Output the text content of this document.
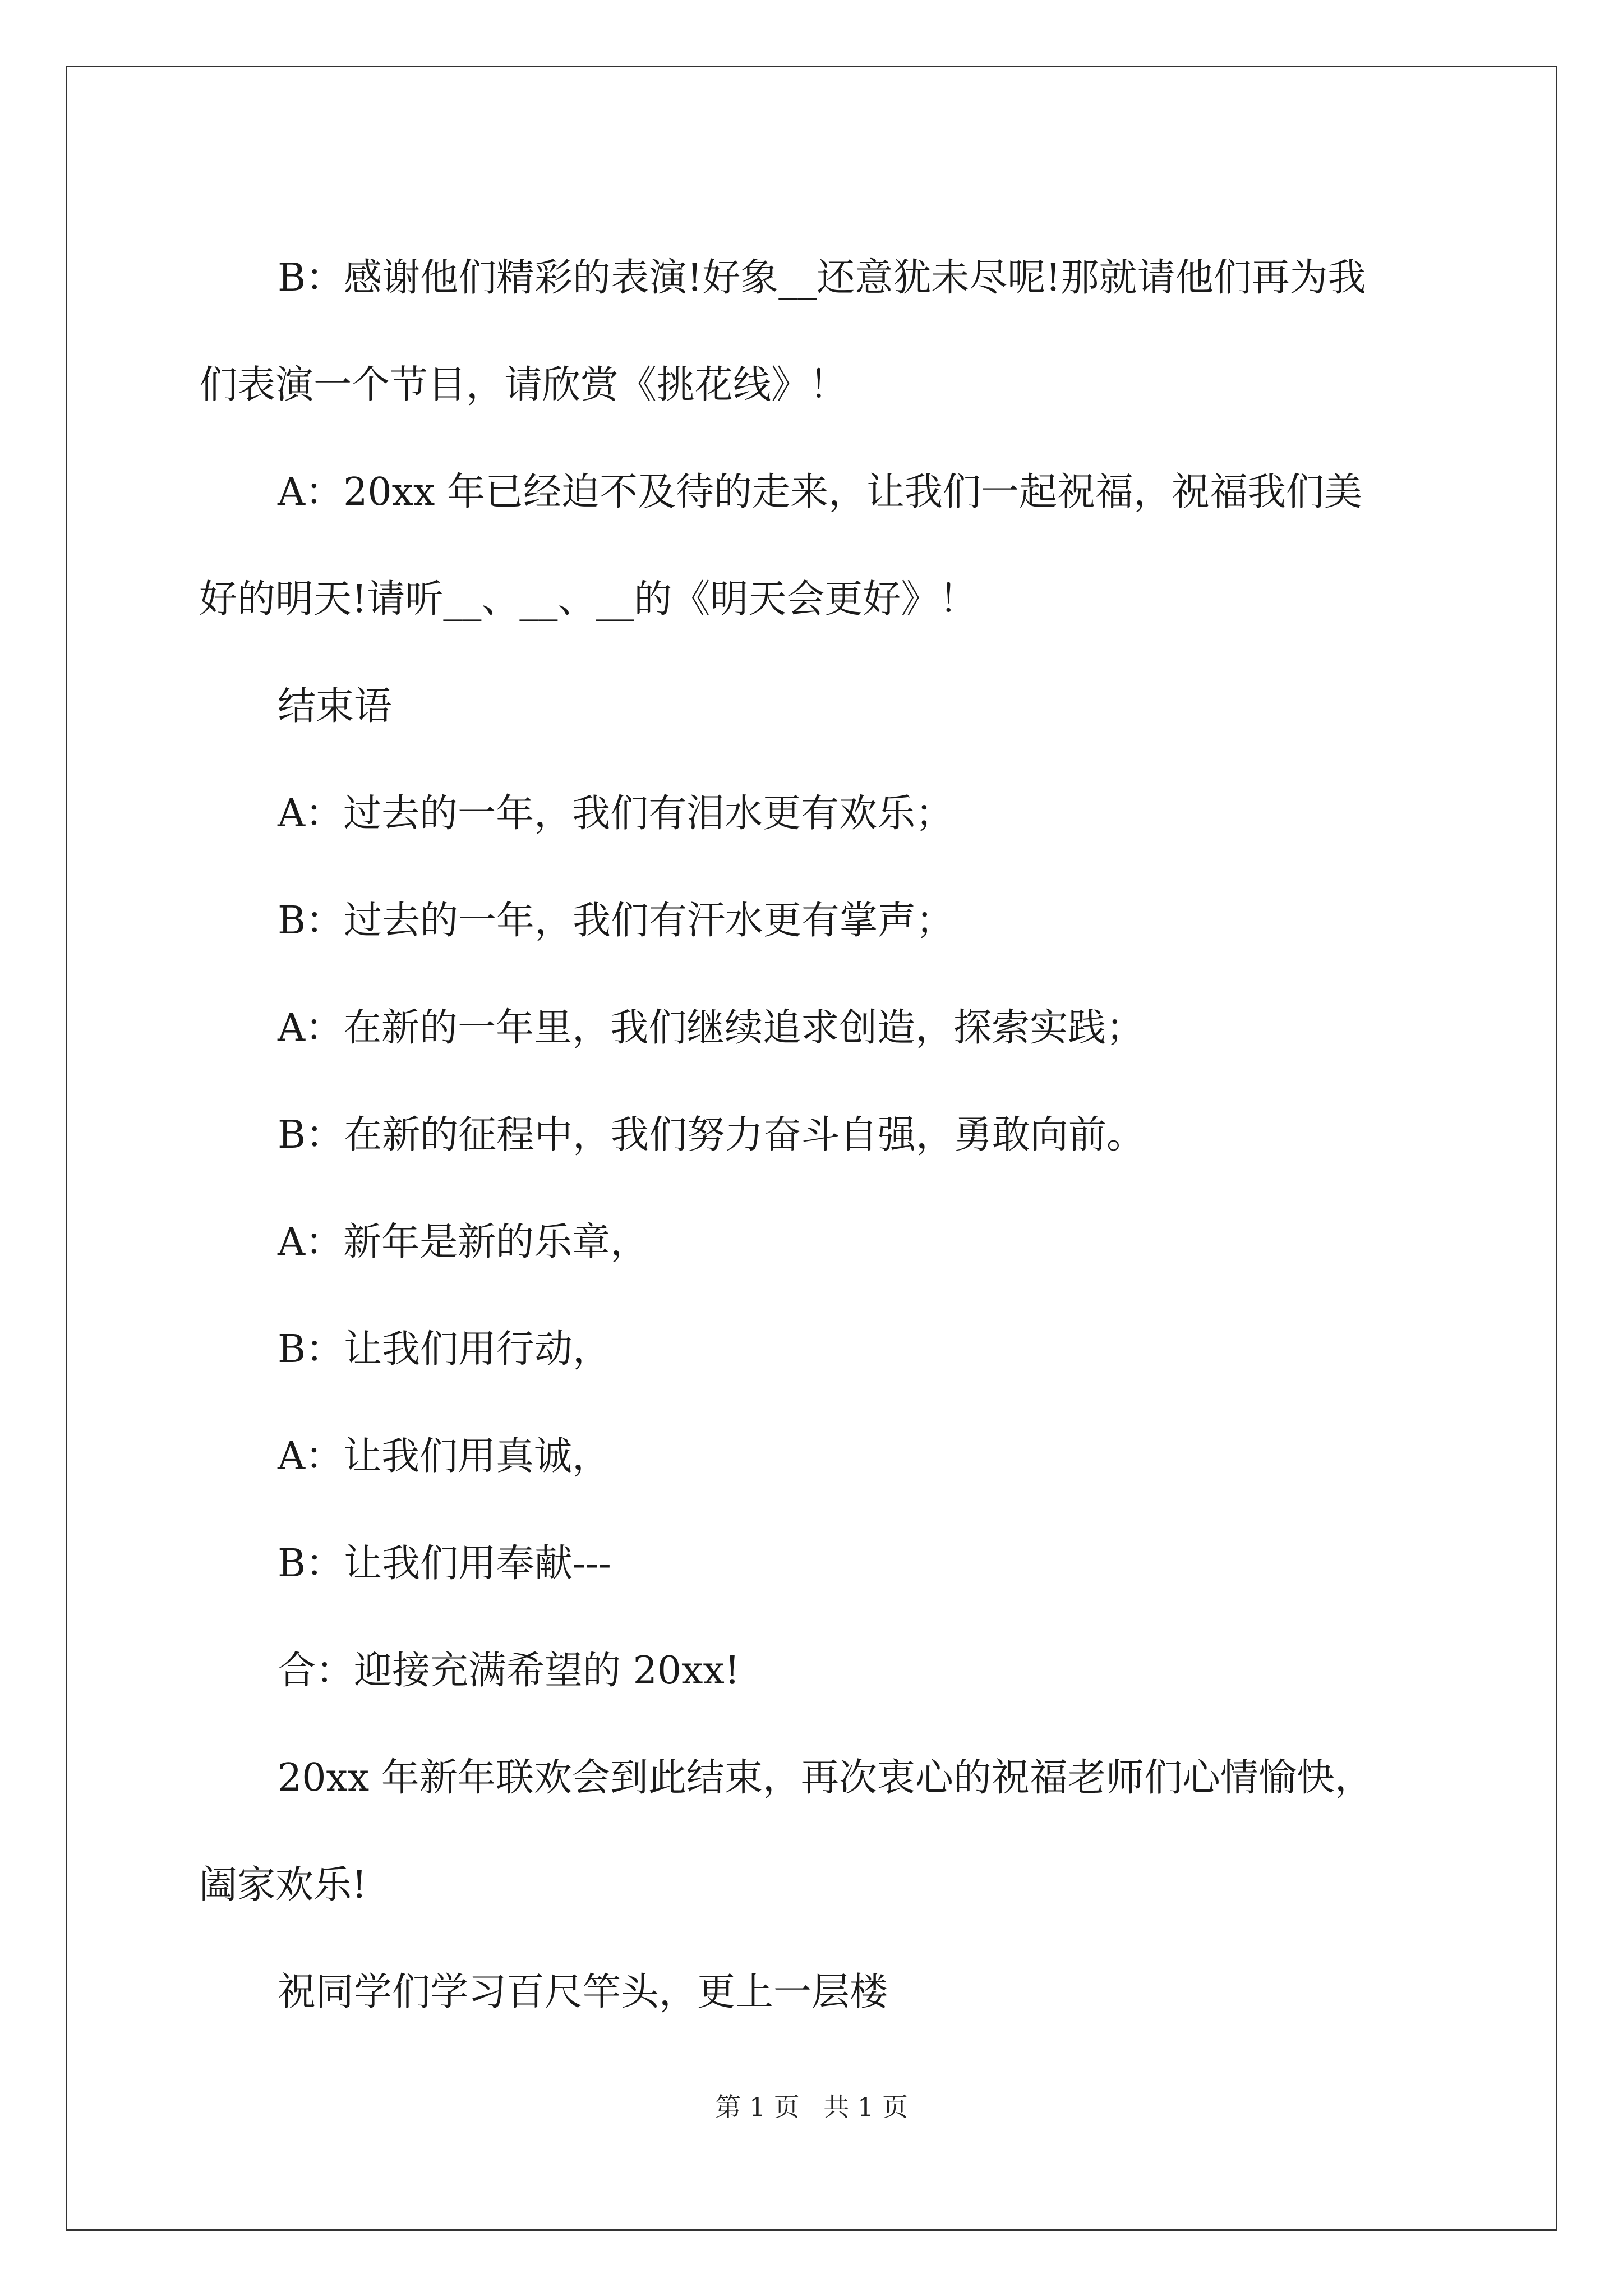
B：感谢他们精彩的表演!好象__还意犹未尽呢!那就请他们再为我

们表演一个节目，请欣赏《挑花线》！

A：20xx 年已经迫不及待的走来，让我们一起祝福，祝福我们美

好的明天!请听__、__、__的《明天会更好》！

结束语

A：过去的一年，我们有泪水更有欢乐；

B：过去的一年，我们有汗水更有掌声；

A：在新的一年里，我们继续追求创造，探索实践；

B：在新的征程中，我们努力奋斗自强，勇敢向前。

A：新年是新的乐章，

B：让我们用行动，

A：让我们用真诚，

B：让我们用奉献---

合：迎接充满希望的 20xx!

20xx 年新年联欢会到此结束，再次衷心的祝福老师们心情愉快，

阖家欢乐!

祝同学们学习百尺竿头，更上一层楼

第 1 页 共 1 页
